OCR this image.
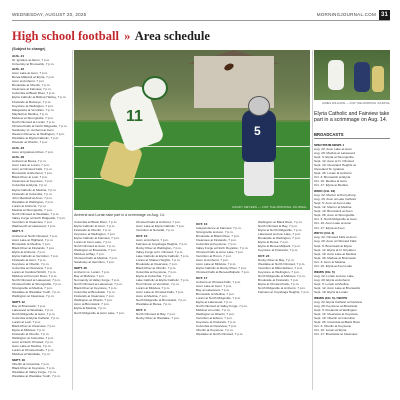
WEDNESDAY, AUGUST 20, 2025	MORNINGJOURNAL.COM 31
High school football » Area schedule
(Subject to change)
AUG. 21
St. Ignatius at Akron, 7 p.m.
University at Brunswick, 7 p.m.
AUG. 22
Avon Lake at Avon, 7 p.m.
Berea-Midpark at Elyria, 7 p.m.
Avon at Amherst, 7 p.m.
Brookside at Oberlin, 7 p.m.
Clearview at Fairview, 7 p.m.
Columbia at Black River, 7 p.m.
Elyria Catholic at Bishop Hartley, 7 p.m.
Firelands at Buckeye, 7 p.m.
Keystone at Wellington, 7 p.m.
Margaretta at Vermilion, 7 p.m.
Mayfield at Medina, 7 p.m.
Midview at Strongsville, 7 p.m.
North Olmsted at Lorain, 7 p.m.
Olmsted Falls at North Ridgeville, 7 p.m.
Sandusky vs. Amherst at Avon
Western Reserve at Wellington, 7 p.m.
Westlake at Elyria Catholic, 7 p.m.
Wooster at Oberlin, 7 p.m.
AUG. 23
Avon at Ignatius-Urban, 7 p.m.
AUG. 29
Amherst at Berea, 7 p.m.
Avon Lake at Lorain, 7 p.m.
Avon at Olmsted Falls, 7 p.m.
Brunswick at Elmhurst, 7 p.m.
Black River at Lodi, 7 p.m.
Clearview at Keystone, 7 p.m.
Columbia at Elyria, 7 p.m.
Elyria Catholic at Medina, 7 p.m.
Firelands at Columbia, 7 p.m.
John Marshall at Avon, 7 p.m.
Westlake at Wellington, 7 p.m.
Lorain at Amherst, 7 p.m.
Medina at Strongsville, 7 p.m.
North Olmsted at Westlake, 7 p.m.
Valley Forge at North Ridgeville, 7 p.m.
Vermilion at Clearview, 7 p.m.
Wadsworth at Lakewood, 7 p.m.
SEPT. 5
Amherst at North Olmsted, 7 p.m.
Avon Lake at Highland, 7 p.m.
Brunswick at Medina, 7 p.m.
Black River at Firelands, 7 p.m.
Elyria at Amherst, 7 p.m.
Elyria Catholic at Vermilion, 7 p.m.
Firelands at Avon, 7 p.m.
Keystone at Oberlin, 7 p.m.
Columbia at Clearview, 7 p.m.
Lorain at Cardinal Stritch, 7 p.m.
Midview at Fremont Ross, 7 p.m.
North Olmsted at Lakewood, 7 p.m.
Olmsted Falls at Strongsville, 7 p.m.
Strongsville at Medina, 7 p.m.
Westlake at Westlake Youth, 7 p.m.
Wellington at Clearview, 7 p.m.
SEPT. 12
Bay at Brunswick, 7 p.m.
Lakewood at Westlake, 7 p.m.
North Ridgeville at Avon, 7 p.m.
Columbia at Elyria Catholic, 7 p.m.
Lorain at Lodi, 7 p.m.
Black River at Clearview, 7 p.m.
Elyria at Midview, 7 p.m.
Firelands at Oberlin, 7 p.m.
Wellington at Columbia, 7 p.m.
Avon at North Olmsted, 7 p.m.
Avon Lake at Medina, 7 p.m.
Lorain at Olmsted Falls, 7 p.m.
Midview at Westlake, 7 p.m.
SEPT. 19
Oberlin at Columbia, 7 p.m.
Black River at Keystone, 7 p.m.
Westlake at Valley Forge, 7 p.m.
Westlake at Westlake Youth, 7 p.m.
Columbia at Black River, 7 p.m.
Elyria Catholic at Avon, 7 p.m.
Firelands at Oberlin, 7 p.m.
Keystone at Wellington, 7 p.m.
Elyria Catholic at Fairview, 7 p.m.
Lorain at Avon Lake, 7 p.m.
North Olmsted at Avon, 7 p.m.
Wellington at Brookside, 7 p.m.
Midview at Bay, 7 p.m.
Olmsted Falls at Medina, 7 p.m.
Sandusky at Vermilion, 7 p.m.
SEPT. 26
Amherst vs. Lorain, 7 p.m.
Bay at Midview, 7 p.m.
Normandy at Valley Forge, 7 p.m.
North Olmsted at Lakewood, 7 p.m.
Black River at Keystone, 7 p.m.
Columbia at Brookside, 7 p.m.
Firelands at Clearview, 7 p.m.
Wellington at Oberlin, 7 p.m.
Avon at Brunswick, 7 p.m.
Elyria at Medina, 7 p.m.
North Ridgeville at Avon Lake, 7 p.m.
Olmsted Falls at Amherst, 7 p.m.
Avon Lake at Elyria Catholic, 7 p.m.
Vermilion at Norwalk, 7 p.m.
OCT. 10
Avon at Amherst, 7 p.m.
Fairview at Cuyahoga Heights, 7 p.m.
Rocky River at Wellington, 7 p.m.
Valley Forge at N. Olmsted, 7 p.m.
Lake Catholic at Elyria Catholic, 7 p.m.
Lorain at Shaker Heights, 7 p.m.
Brookside at Clearview, 7 p.m.
Black River at Oberlin, 7 p.m.
Columbia at Keystone, 7 p.m.
Elyria at Columbia, 7 p.m.
Lake Catholic at Elyria Catholic, 7 p.m.
Port Clinton at Vermilion, 7 p.m.
Lorain at Midview, 7 p.m.
Avon Lake at Olmsted Falls, 7 p.m.
Avon at Medina, 7 p.m.
North Ridgeville at Brunswick, 7 p.m.
Westlake at Berea, 7 p.m.
OCT. 3
North Olmsted at Bay, 7 p.m.
Rocky River at Westlake, 7 p.m.
OCT. 10
Independence at Fairview, 7 p.m.
Strongsville at Avon, 7 p.m.
Brookside at Black River, 7 p.m.
Clearview at Firelands, 7 p.m.
Columbia at Keystone, 7 p.m.
Valley Forge at North Royalton, 7 p.m.
Olmsted Falls at Avon Lake, 7 p.m.
Vermilion at Huron, 7 p.m.
Avon at Amherst, 7 p.m.
Avon Lake at Midview, 7 p.m.
Elyria Catholic at Rocky River, 7 p.m.
Olmsted Falls at Berea-Midpark, 7 p.m.
OCT. 17
Amherst at Olmsted Falls, 7 p.m.
Avon Lake at Avon, 7 p.m.
Bay at Lakewood, 7 p.m.
Brunswick at Medina, 7 p.m.
Lorain at North Ridgeville, 7 p.m.
Elyria at Lakewood, 7 p.m.
North Olmsted at Valley Forge, 7 p.m.
Midview at Lorain, 7 p.m.
Wellington at Oberlin, 7 p.m.
Vermilion at Edison, 7 p.m.
Keystone at Firelands, 7 p.m.
Columbia at Clearview, 7 p.m.
Oberlin at Keystone, 7 p.m.
Westlake at North Olmsted, 7 p.m.
Wellington at Black River, 7 p.m.
North Olmsted at Bay, 7 p.m.
Elyria at North Ridgeville, 7 p.m.
Lakewood at Avon Lake, 7 p.m.
Brookside at Wellington, 7 p.m.
Elyria at Berea, 7 p.m.
Elyria at Berea-Midpark, 7 p.m.
Keystone at Firelands, 7 p.m.
OCT. 24
Rocky River at Bay, 7 p.m.
Westlake at North Olmsted, 7 p.m.
Vermilion at Milan Edison, 7 p.m.
Keystone at Wellington, 7 p.m.
North Ridgeville at Midview, 7 p.m.
Brookside at Firelands, 7 p.m.
Elyria at Olmsted Falls, 7 p.m.
North Ridgeville at Amherst, 7 p.m.
Fairview at Cuyahoga Heights, 7 p.m.
11
5
RANDY MEYERS — FOR THE MORNING JOURNAL
Amherst and Lorain take part in a scrimmage on Aug. 14.
JAMES WILLIAMS — FOR THE MORNING JOURNAL
Elyria Catholic and Fairview take part in a scrimmage on Aug. 14.
BROADCASTS
SPECTRUM NEWS 1
Aug. 22: Avon Lake at Avon
Aug. 29: Medina at Lakewood
Sept. 5: Elyria at Strongsville
Sept. 12: Avon at N. Olmsted
Sept. 19: Cleveland Heights at
Cleveland St. Ignatius
Sept. 26: Lorain at Amherst
Oct. 3: Brunswick at Elyria
Oct. 10: Medina at Avon
Oct. 17: Elyria at Medina
WOIO (CH. 19)
Aug. 22: Mentor at Perrysburg
Aug. 29: Avon at Lake Catholic
Sept. 5: Avon at Avon Lake
Sept. 12: Mentor at Medina
Sept. 19: Brunswick at Avon
Sept. 26: Avon at Strongsville
Oct. 3: North Ridgeville at Avon
Oct. 10: Avon Lake at Avon
Oct. 17: Elyria at Avon
WKYC (CH. 3)
Aug. 22: Olmsted Falls at Avon
Aug. 29: Avon at Olmsted Falls
Sept. 5: Brunswick at Elyria
Sept. 12: Elyria at N. Royalton
Sept. 19: Avon Lake at Medina
Sept. 26: Medina at Brunswick
Oct. 3: Avon at Medina
Oct. 10: Elyria at Avon Lake
WEWS (CH. 5)
Aug. 22: Lorain at Avon Lake
Aug. 29: Elyria at Amherst
Sept. 5: Lorain at Medina
Sept. 12: Avon Lake at Brunswick
Sept. 19: Elyria at Lorain
WEWS (CH. 5) / WCPN
Aug. 22: Elyria Catholic at Fairview
Aug. 29: Keystone at Brookside
Sept. 5: Firelands at Wellington
Sept. 12: Clearview at Keystone
Sept. 19: Oberlin at Columbia
Sept. 26: Columbia at Black River
Oct. 3: Oberlin at Keystone
Oct. 10: Lorain at Elyria
Oct. 17: Brookside at Clearview
